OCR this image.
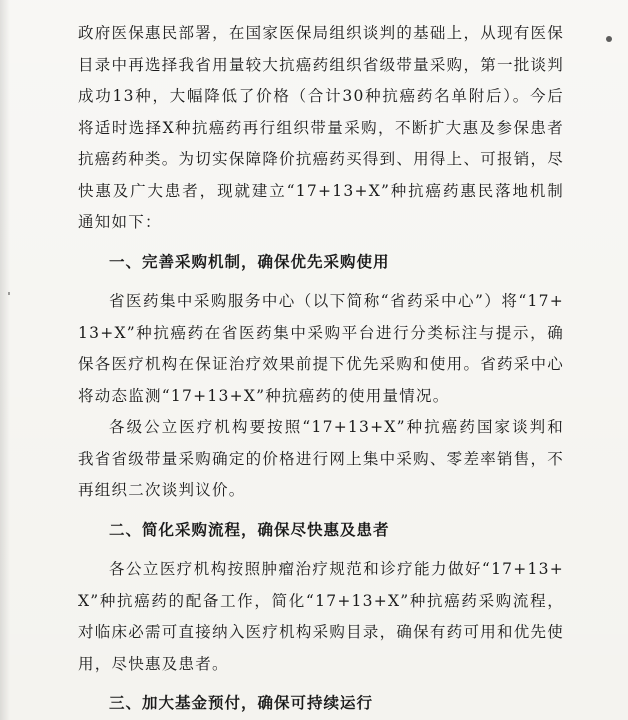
政府医保惠民部署，在国家医保局组织谈判的基础上，从现有医保目录中再选择我省用量较大抗癌药组织省级带量采购，第一批谈判成功13种，大幅降低了价格（合计30种抗癌药名单附后）。今后将适时选择X种抗癌药再行组织带量采购，不断扩大惠及参保患者抗癌药种类。为切实保障降价抗癌药买得到、用得上、可报销，尽快惠及广大患者，现就建立“17+13+X”种抗癌药惠民落地机制通知如下：

一、完善采购机制，确保优先采购使用

省医药集中采购服务中心（以下简称“省药采中心”）将“17+13+X”种抗癌药在省医药集中采购平台进行分类标注与提示，确保各医疗机构在保证治疗效果前提下优先采购和使用。省药采中心将动态监测“17+13+X”种抗癌药的使用量情况。

各级公立医疗机构要按照“17+13+X”种抗癌药国家谈判和我省省级带量采购确定的价格进行网上集中采购、零差率销售，不再组织二次谈判议价。

二、简化采购流程，确保尽快惠及患者

各公立医疗机构按照肿瘤治疗规范和诊疗能力做好“17+13+X”种抗癌药的配备工作，简化“17+13+X”种抗癌药采购流程，对临床必需可直接纳入医疗机构采购目录，确保有药可用和优先使用，尽快惠及患者。

三、加大基金预付，确保可持续运行
